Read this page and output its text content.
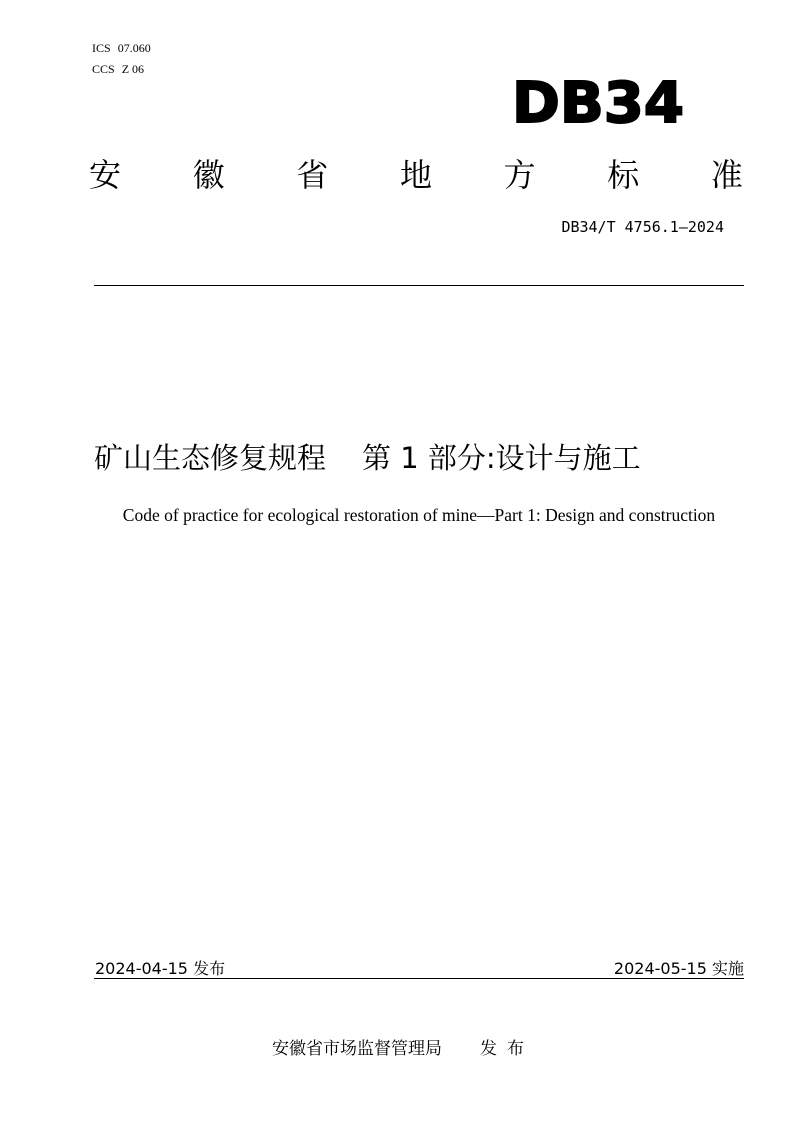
ICS 07.060
CCS Z 06
DB34
安 徽 省 地 方 标 准
DB34/T 4756.1—2024
矿山生态修复规程 第 1 部分:设计与施工
Code of practice for ecological restoration of mine—Part 1: Design and construction
2024-04-15 发布	2024-05-15 实施
安徽省市场监督管理局 发 布
